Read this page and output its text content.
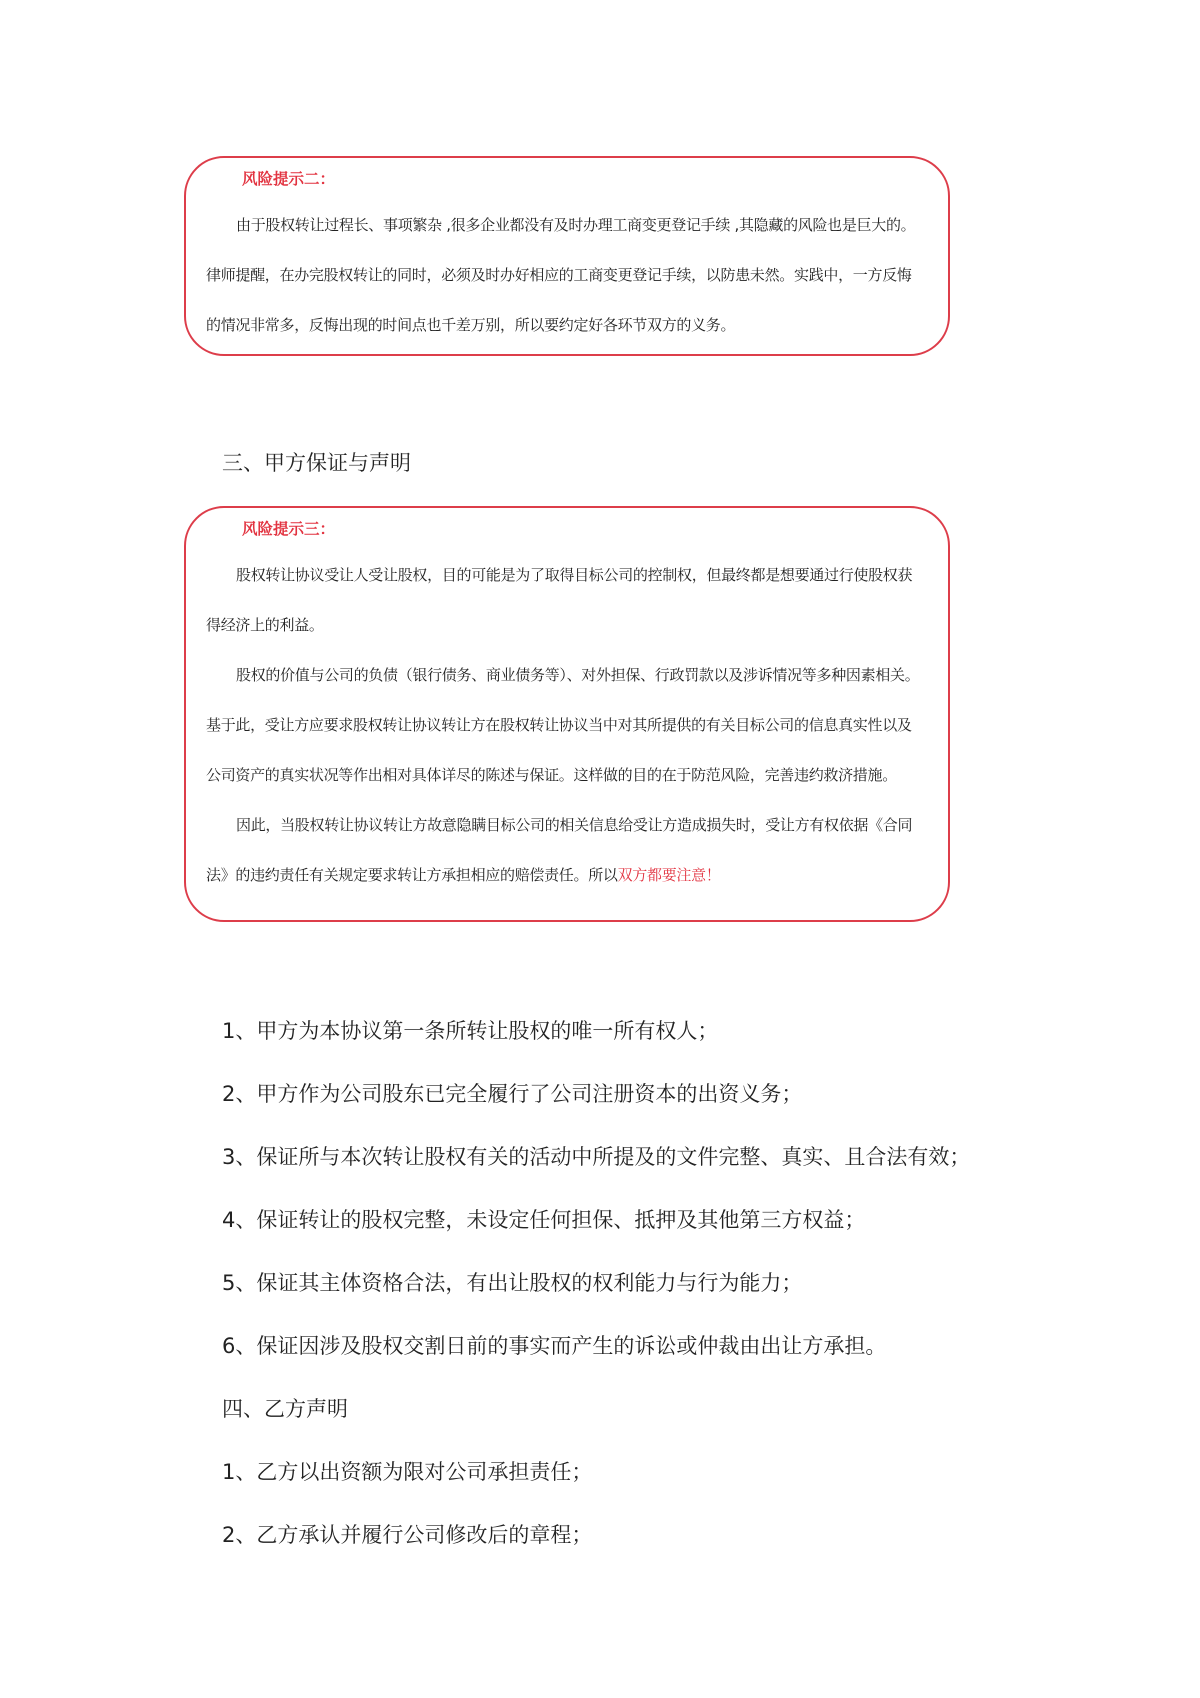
风险提示二：

由于股权转让过程长、事项繁杂 ,很多企业都没有及时办理工商变更登记手续 ,其隐藏的风险也是巨大的。

律师提醒，在办完股权转让的同时，必须及时办好相应的工商变更登记手续，以防患未然。实践中，一方反悔

的情况非常多，反悔出现的时间点也千差万别，所以要约定好各环节双方的义务。

三、甲方保证与声明
风险提示三：

股权转让协议受让人受让股权，目的可能是为了取得目标公司的控制权，但最终都是想要通过行使股权获

得经济上的利益。

股权的价值与公司的负债（银行债务、商业债务等）、对外担保、行政罚款以及涉诉情况等多种因素相关。

基于此，受让方应要求股权转让协议转让方在股权转让协议当中对其所提供的有关目标公司的信息真实性以及

公司资产的真实状况等作出相对具体详尽的陈述与保证。这样做的目的在于防范风险，完善违约救济措施。

因此，当股权转让协议转让方故意隐瞒目标公司的相关信息给受让方造成损失时，受让方有权依据《合同

法》的违约责任有关规定要求转让方承担相应的赔偿责任。所以双方都要注意！

1、甲方为本协议第一条所转让股权的唯一所有权人；
2、甲方作为公司股东已完全履行了公司注册资本的出资义务；
3、保证所与本次转让股权有关的活动中所提及的文件完整、真实、且合法有效；
4、保证转让的股权完整，未设定任何担保、抵押及其他第三方权益；
5、保证其主体资格合法，有出让股权的权利能力与行为能力；
6、保证因涉及股权交割日前的事实而产生的诉讼或仲裁由出让方承担。
四、乙方声明
1、乙方以出资额为限对公司承担责任；
2、乙方承认并履行公司修改后的章程；
